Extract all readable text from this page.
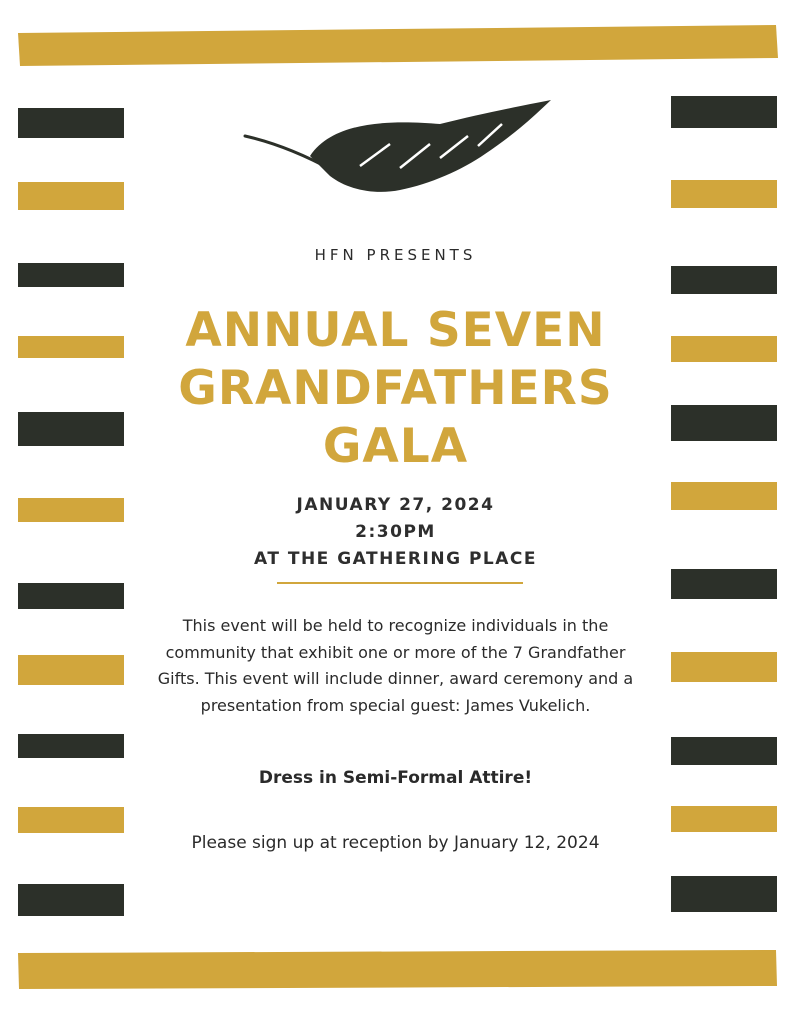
HFN PRESENTS
ANNUAL SEVEN
GRANDFATHERS
GALA
JANUARY 27, 2024
2:30PM
AT THE GATHERING PLACE
This event will be held to recognize individuals in the community that exhibit one or more of the 7 Grandfather Gifts. This event will include dinner, award ceremony and a presentation from special guest: James Vukelich.
Dress in Semi-Formal Attire!
Please sign up at reception by January 12, 2024
